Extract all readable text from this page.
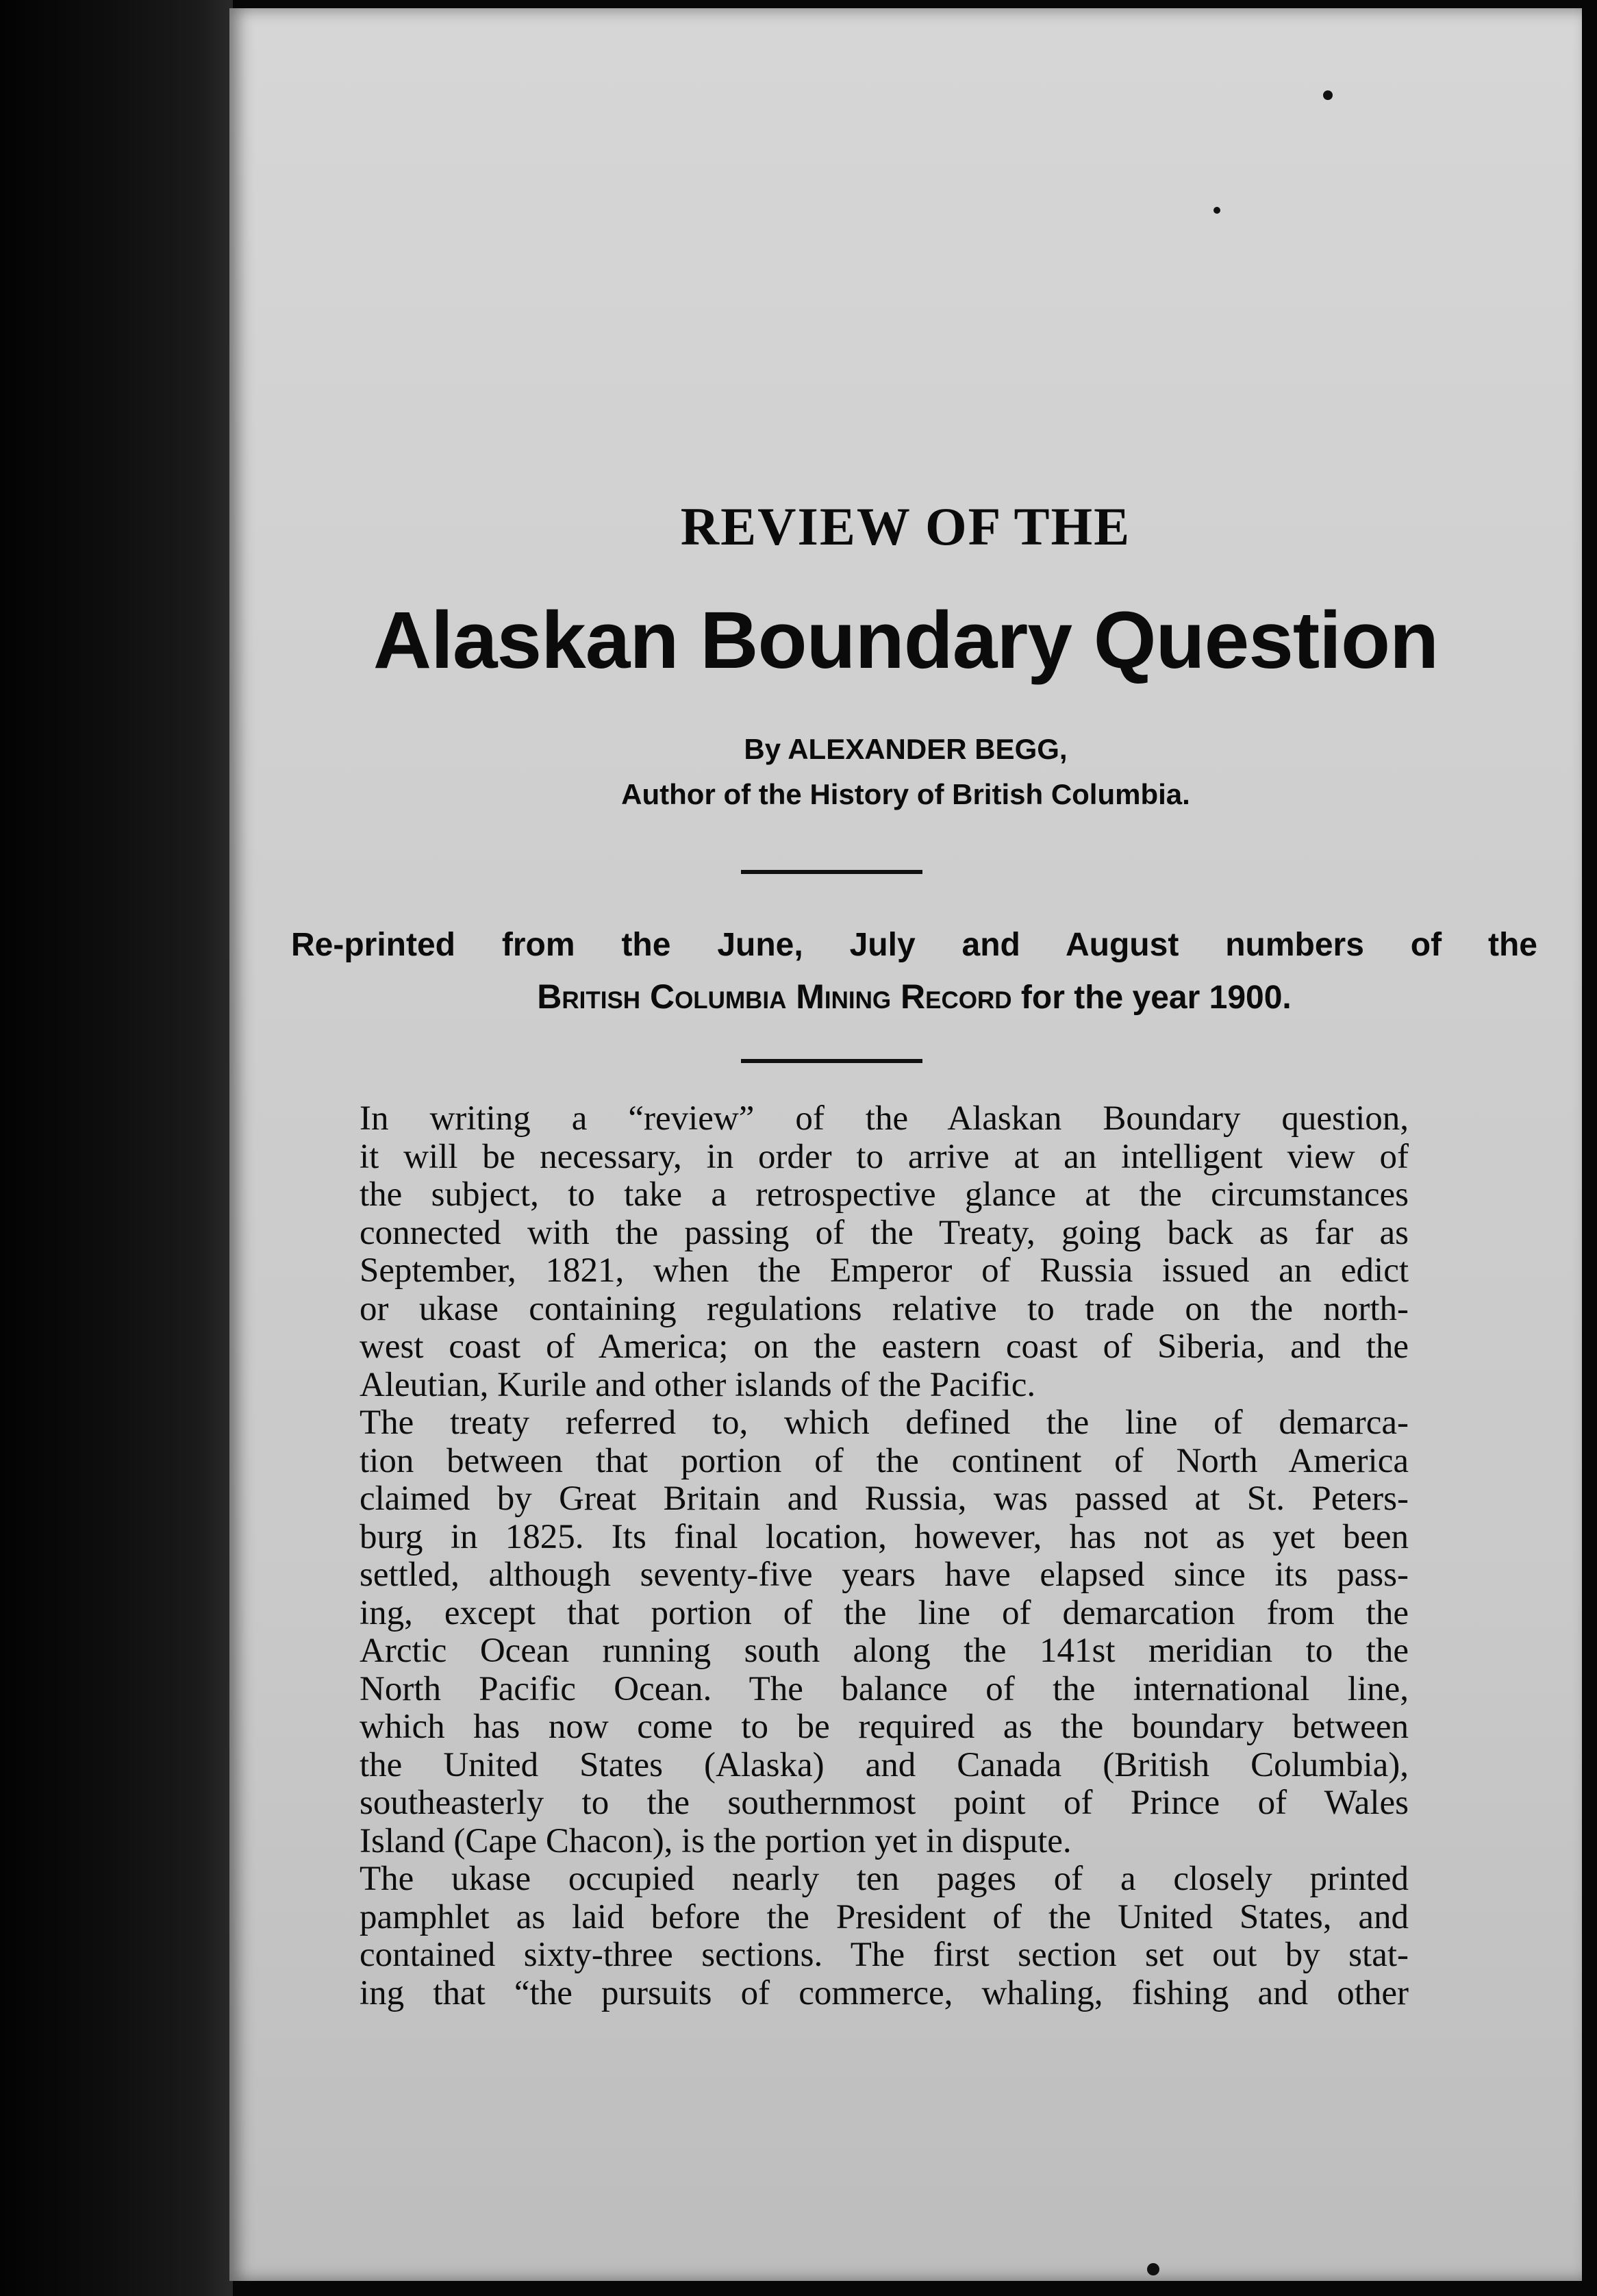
REVIEW OF THE
Alaskan Boundary Question
By ALEXANDER BEGG,
Author of the History of British Columbia.
Re-printed from the June, July and August numbers of the
British Columbia Mining Record for the year 1900.

In writing a “review” of the Alaskan Boundary question,
it will be necessary, in order to arrive at an intelligent view of
the subject, to take a retrospective glance at the circumstances
connected with the passing of the Treaty, going back as far as
September, 1821, when the Emperor of Russia issued an edict
or ukase containing regulations relative to trade on the north-
west coast of America; on the eastern coast of Siberia, and the
Aleutian, Kurile and other islands of the Pacific.

The treaty referred to, which defined the line of demarca-
tion between that portion of the continent of North America
claimed by Great Britain and Russia, was passed at St. Peters-
burg in 1825. Its final location, however, has not as yet been
settled, although seventy-five years have elapsed since its pass-
ing, except that portion of the line of demarcation from the
Arctic Ocean running south along the 141st meridian to the
North Pacific Ocean. The balance of the international line,
which has now come to be required as the boundary between
the United States (Alaska) and Canada (British Columbia),
southeasterly to the southernmost point of Prince of Wales
Island (Cape Chacon), is the portion yet in dispute.

The ukase occupied nearly ten pages of a closely printed
pamphlet as laid before the President of the United States, and
contained sixty-three sections. The first section set out by stat-
ing that “the pursuits of commerce, whaling, fishing and other
